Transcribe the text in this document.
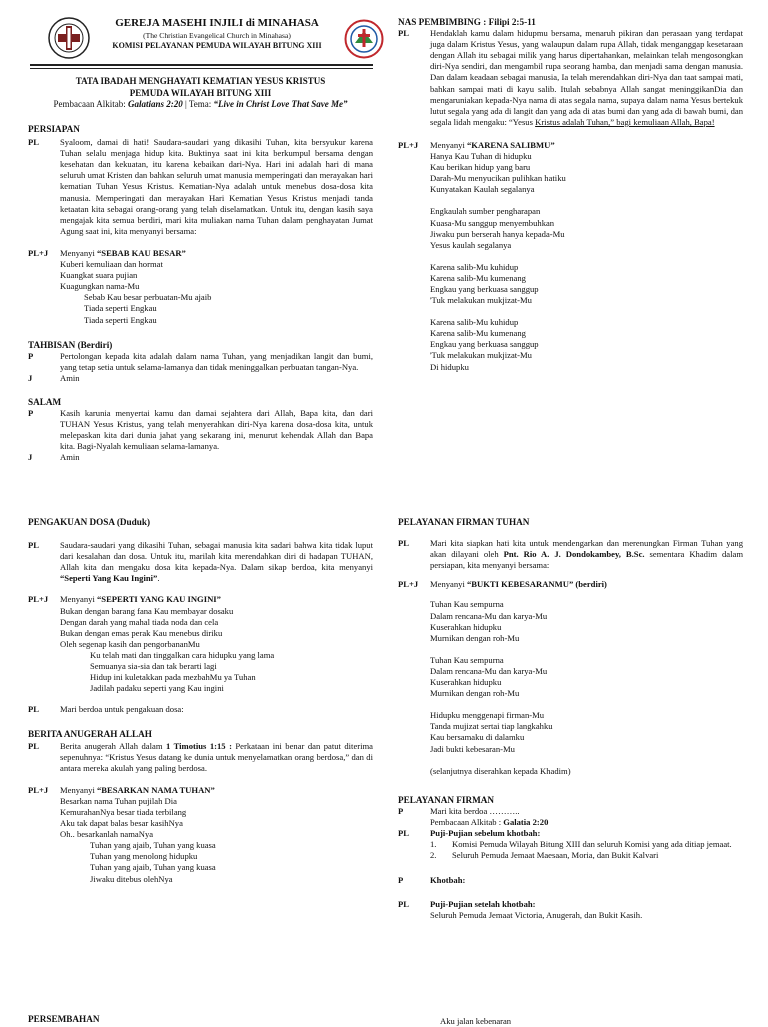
GEREJA MASEHI INJILI di MINAHASA
(The Christian Evangelical Church in Minahasa)
KOMISI PELAYANAN PEMUDA WILAYAH BITUNG XIII
TATA IBADAH MENGHAYATI KEMATIAN YESUS KRISTUS
PEMUDA WILAYAH BITUNG XIII
Pembacaan Alkitab: Galatians 2:20 | Tema: “Live in Christ Love That Save Me”

PERSIAPAN

PL	Syaloom, damai di hati! Saudara-saudari yang dikasihi Tuhan, kita bersyukur karena Tuhan selalu menjaga hidup kita. Buktinya saat ini kita berkumpul bersama dengan kesehatan dan kekuatan, itu karena kebaikan dari-Nya. Hari ini adalah hari di mana seluruh umat Kristen dan bahkan seluruh umat manusia memperingati dan merayakan hari kematian Tuhan Yesus Kristus. Kematian-Nya adalah untuk menebus dosa-dosa kita manusia. Memperingati dan merayakan Hari Kematian Yesus Kristus menjadi tanda ketaatan kita sebagai orang-orang yang telah diselamatkan. Untuk itu, dengan kasih saya mengajak kita semua berdiri, mari kita muliakan nama Tuhan dalam penghayatan Jumat Agung saat ini, kita menyanyi bersama:
PL+J	Menyanyi “SEBAB KAU BESAR”
Kuberi kemuliaan dan hormat
Kuangkat suara pujian
Kuagungkan nama-Mu
Sebab Kau besar perbuatan-Mu ajaib
Tiada seperti Engkau
Tiada seperti Engkau

TAHBISAN (Berdiri)

P	Pertolongan kepada kita adalah dalam nama Tuhan, yang menjadikan langit dan bumi, yang tetap setia untuk selama-lamanya dan tidak meninggalkan perbuatan tangan-Nya.
J	Amin

SALAM

P	Kasih karunia menyertai kamu dan damai sejahtera dari Allah, Bapa kita, dan dari TUHAN Yesus Kristus, yang telah menyerahkan diri-Nya karena dosa-dosa kita, untuk melepaskan kita dari dunia jahat yang sekarang ini, menurut kehendak Allah dan Bapa kita. Bagi-Nyalah kemuliaan selama-lamanya.
J	Amin

PENGAKUAN DOSA (Duduk)

PL	Saudara-saudari yang dikasihi Tuhan, sebagai manusia kita sadari bahwa kita tidak luput dari kesalahan dan dosa. Untuk itu, marilah kita merendahkan diri di hadapan TUHAN, Allah kita dan mengaku dosa kita kepada-Nya. Dalam sikap berdoa, kita menyanyi “Seperti Yang Kau Ingini”.
PL+J	Menyanyi “SEPERTI YANG KAU INGINI”
Bukan dengan barang fana Kau membayar dosaku
Dengan darah yang mahal tiada noda dan cela
Bukan dengan emas perak Kau menebus diriku
Oleh segenap kasih dan pengorbananMu
Ku telah mati dan tinggalkan cara hidupku yang lama
Semuanya sia-sia dan tak berarti lagi
Hidup ini kuletakkan pada mezbahMu ya Tuhan
Jadilah padaku seperti yang Kau ingini
PL	Mari berdoa untuk pengakuan dosa:

BERITA ANUGERAH ALLAH

PL	Berita anugerah Allah dalam 1 Timotius 1:15 : Perkataan ini benar dan patut diterima sepenuhnya: “Kristus Yesus datang ke dunia untuk menyelamatkan orang berdosa,” dan di antara mereka akulah yang paling berdosa.
PL+J	Menyanyi “BESARKAN NAMA TUHAN”
Besarkan nama Tuhan pujilah Dia
KemurahanNya besar tiada terbilang
Aku tak dapat balas besar kasihNya
Oh.. besarkanlah namaNya
Tuhan yang ajaib, Tuhan yang kuasa
Tuhan yang menolong hidupku
Tuhan yang ajaib, Tuhan yang kuasa
Jiwaku ditebus olehNya

PERSEMBAHAN

NAS PEMBIMBING : Filipi 2:5-11

PL	Hendaklah kamu dalam hidupmu bersama, menaruh pikiran dan perasaan yang terdapat juga dalam Kristus Yesus, yang walaupun dalam rupa Allah, tidak menganggap kesetaraan dengan Allah itu sebagai milik yang harus dipertahankan, melainkan telah mengosongkan diri-Nya sendiri, dan mengambil rupa seorang hamba, dan menjadi sama dengan manusia. Dan dalam keadaan sebagai manusia, Ia telah merendahkan diri-Nya dan taat sampai mati, bahkan sampai mati di kayu salib. Itulah sebabnya Allah sangat meninggikanDia dan mengaruniakan kepada-Nya nama di atas segala nama, supaya dalam nama Yesus bertekuk lutut segala yang ada di langit dan yang ada di atas bumi dan yang ada di bawah bumi, dan segala lidah mengaku: “Yesus Kristus adalah Tuhan,” bagi kemuliaan Allah, Bapa!
PL+J	Menyanyi “KARENA SALIBMU”
Hanya Kau Tuhan di hidupku
Kau berikan hidup yang baru
Darah-Mu menyucikan pulihkan hatiku
Kunyatakan Kaulah segalanya
Engkaulah sumber pengharapan
Kuasa-Mu sanggup menyembuhkan
Jiwaku pun berserah hanya kepada-Mu
Yesus kaulah segalanya
Karena salib-Mu kuhidup
Karena salib-Mu kumenang
Engkau yang berkuasa sanggup
'Tuk melakukan mukjizat-Mu
Karena salib-Mu kuhidup
Karena salib-Mu kumenang
Engkau yang berkuasa sanggup
'Tuk melakukan mukjizat-Mu
Di hidupku

PELAYANAN FIRMAN TUHAN

PL	Mari kita siapkan hati kita untuk mendengarkan dan merenungkan Firman Tuhan yang akan dilayani oleh Pnt. Rio A. J. Dondokambey, B.Sc. sementara Khadim dalam persiapan, kita menyanyi bersama:
PL+J	Menyanyi “BUKTI KEBESARANMU” (berdiri)
Tuhan Kau sempurna
Dalam rencana-Mu dan karya-Mu
Kuserahkan hidupku
Murnikan dengan roh-Mu
Tuhan Kau sempurna
Dalam rencana-Mu dan karya-Mu
Kuserahkan hidupku
Murnikan dengan roh-Mu
Hidupku menggenapi firman-Mu
Tanda mujizat sertai tiap langkahku
Kau bersamaku di dalamku
Jadi bukti kebesaran-Mu
(selanjutnya diserahkan kepada Khadim)

PELAYANAN FIRMAN

P	Mari kita berdoa ………..
Pembacaan Alkitab : Galatia 2:20
PL	Puji-Pujian sebelum khotbah:
1.	Komisi Pemuda Wilayah Bitung XIII dan seluruh Komisi yang ada ditiap jemaat.
2.	Seluruh Pemuda Jemaat Maesaan, Moria, dan Bukit Kalvari
P	Khotbah:
PL	Puji-Pujian setelah khotbah:
Seluruh Pemuda Jemaat Victoria, Anugerah, dan Bukit Kasih.
Aku jalan kebenaran
